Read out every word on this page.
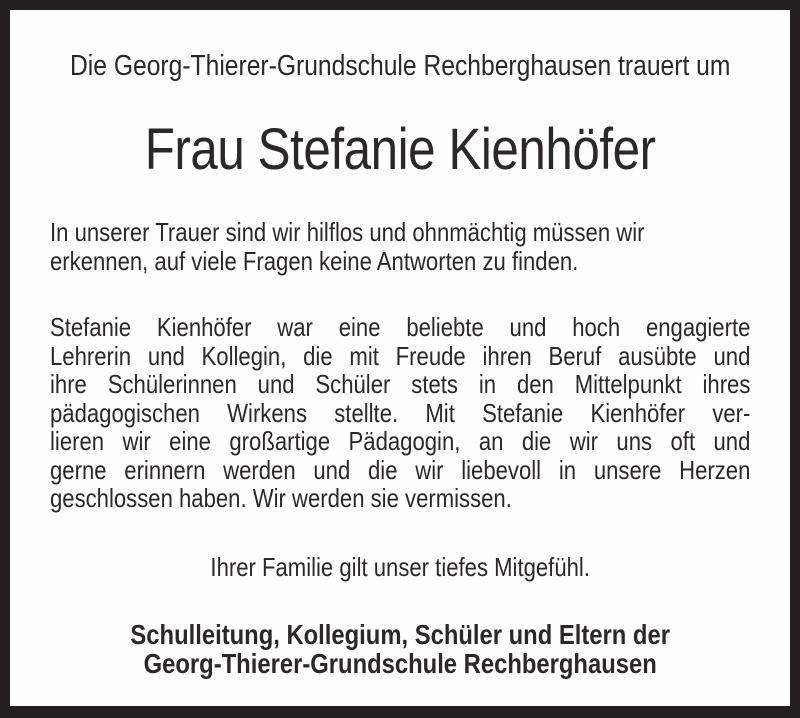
Die Georg-Thierer-Grundschule Rechberghausen trauert um
Frau Stefanie Kienhöfer
In unserer Trauer sind wir hilflos und ohnmächtig müssen wir
erkennen, auf viele Fragen keine Antworten zu finden.
Stefanie Kienhöfer war eine beliebte und hoch engagierte
Lehrerin und Kollegin, die mit Freude ihren Beruf ausübte und
ihre Schülerinnen und Schüler stets in den Mittelpunkt ihres
pädagogischen Wirkens stellte. Mit Stefanie Kienhöfer ver-
lieren wir eine großartige Pädagogin, an die wir uns oft und
gerne erinnern werden und die wir liebevoll in unsere Herzen
geschlossen haben. Wir werden sie vermissen.
Ihrer Familie gilt unser tiefes Mitgefühl.
Schulleitung, Kollegium, Schüler und Eltern der
Georg-Thierer-Grundschule Rechberghausen
